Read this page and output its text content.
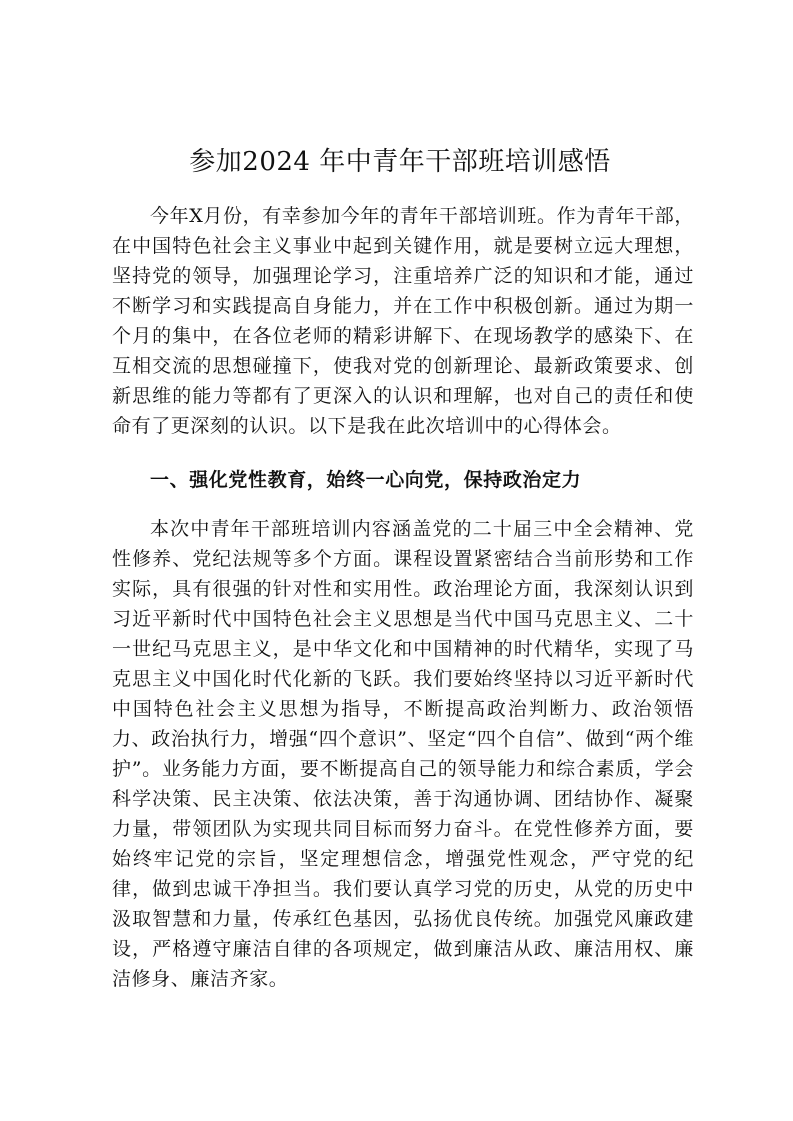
参加2024 年中青年干部班培训感悟

今年X月份，有幸参加今年的青年干部培训班。作为青年干部，在中国特色社会主义事业中起到关键作用，就是要树立远大理想，坚持党的领导，加强理论学习，注重培养广泛的知识和才能，通过不断学习和实践提高自身能力，并在工作中积极创新。通过为期一个月的集中，在各位老师的精彩讲解下、在现场教学的感染下、在互相交流的思想碰撞下，使我对党的创新理论、最新政策要求、创新思维的能力等都有了更深入的认识和理解，也对自己的责任和使命有了更深刻的认识。以下是我在此次培训中的心得体会。

一、强化党性教育，始终一心向党，保持政治定力

本次中青年干部班培训内容涵盖党的二十届三中全会精神、党性修养、党纪法规等多个方面。课程设置紧密结合当前形势和工作实际，具有很强的针对性和实用性。政治理论方面，我深刻认识到习近平新时代中国特色社会主义思想是当代中国马克思主义、二十一世纪马克思主义，是中华文化和中国精神的时代精华，实现了马克思主义中国化时代化新的飞跃。我们要始终坚持以习近平新时代中国特色社会主义思想为指导，不断提高政治判断力、政治领悟力、政治执行力，增强“四个意识”、坚定“四个自信”、做到“两个维护”。业务能力方面，要不断提高自己的领导能力和综合素质，学会科学决策、民主决策、依法决策，善于沟通协调、团结协作、凝聚力量，带领团队为实现共同目标而努力奋斗。在党性修养方面，要始终牢记党的宗旨，坚定理想信念，增强党性观念，严守党的纪律，做到忠诚干净担当。我们要认真学习党的历史，从党的历史中汲取智慧和力量，传承红色基因，弘扬优良传统。加强党风廉政建设，严格遵守廉洁自律的各项规定，做到廉洁从政、廉洁用权、廉洁修身、廉洁齐家。
